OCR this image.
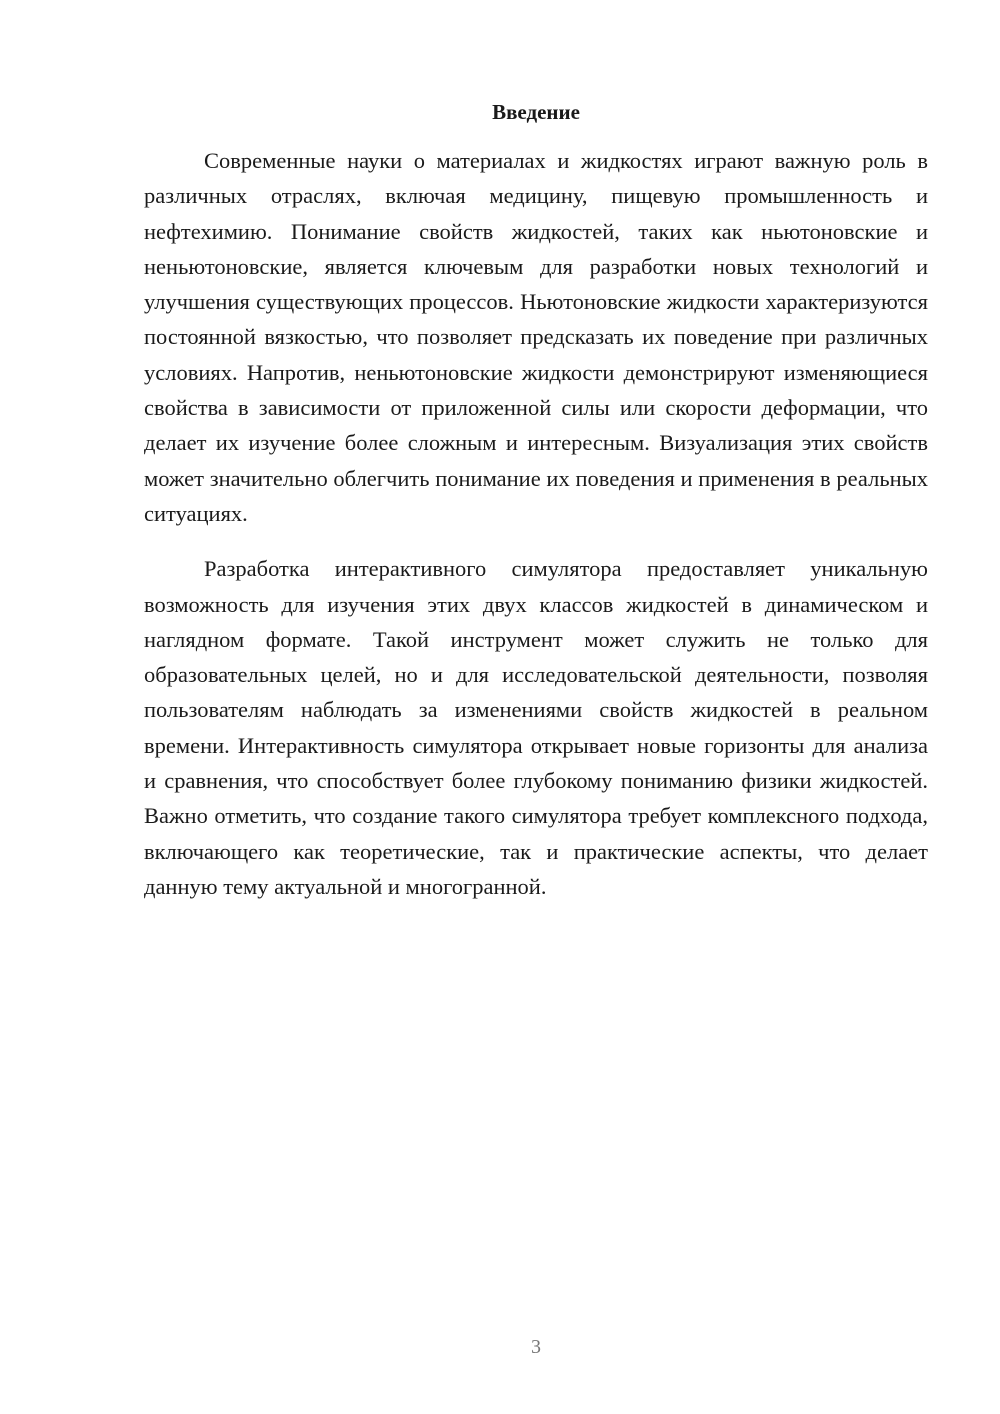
Введение

Современные науки о материалах и жидкостях играют важную роль в различных отраслях, включая медицину, пищевую промышленность и нефтехимию. Понимание свойств жидкостей, таких как ньютоновские и неньютоновские, является ключевым для разработки новых технологий и улучшения существующих процессов. Ньютоновские жидкости характеризуются постоянной вязкостью, что позволяет предсказать их поведение при различных условиях. Напротив, неньютоновские жидкости демонстрируют изменяющиеся свойства в зависимости от приложенной силы или скорости деформации, что делает их изучение более сложным и интересным. Визуализация этих свойств может значительно облегчить понимание их поведения и применения в реальных ситуациях.

Разработка интерактивного симулятора предоставляет уникальную возможность для изучения этих двух классов жидкостей в динамическом и наглядном формате. Такой инструмент может служить не только для образовательных целей, но и для исследовательской деятельности, позволяя пользователям наблюдать за изменениями свойств жидкостей в реальном времени. Интерактивность симулятора открывает новые горизонты для анализа и сравнения, что способствует более глубокому пониманию физики жидкостей. Важно отметить, что создание такого симулятора требует комплексного подхода, включающего как теоретические, так и практические аспекты, что делает данную тему актуальной и многогранной.

3
